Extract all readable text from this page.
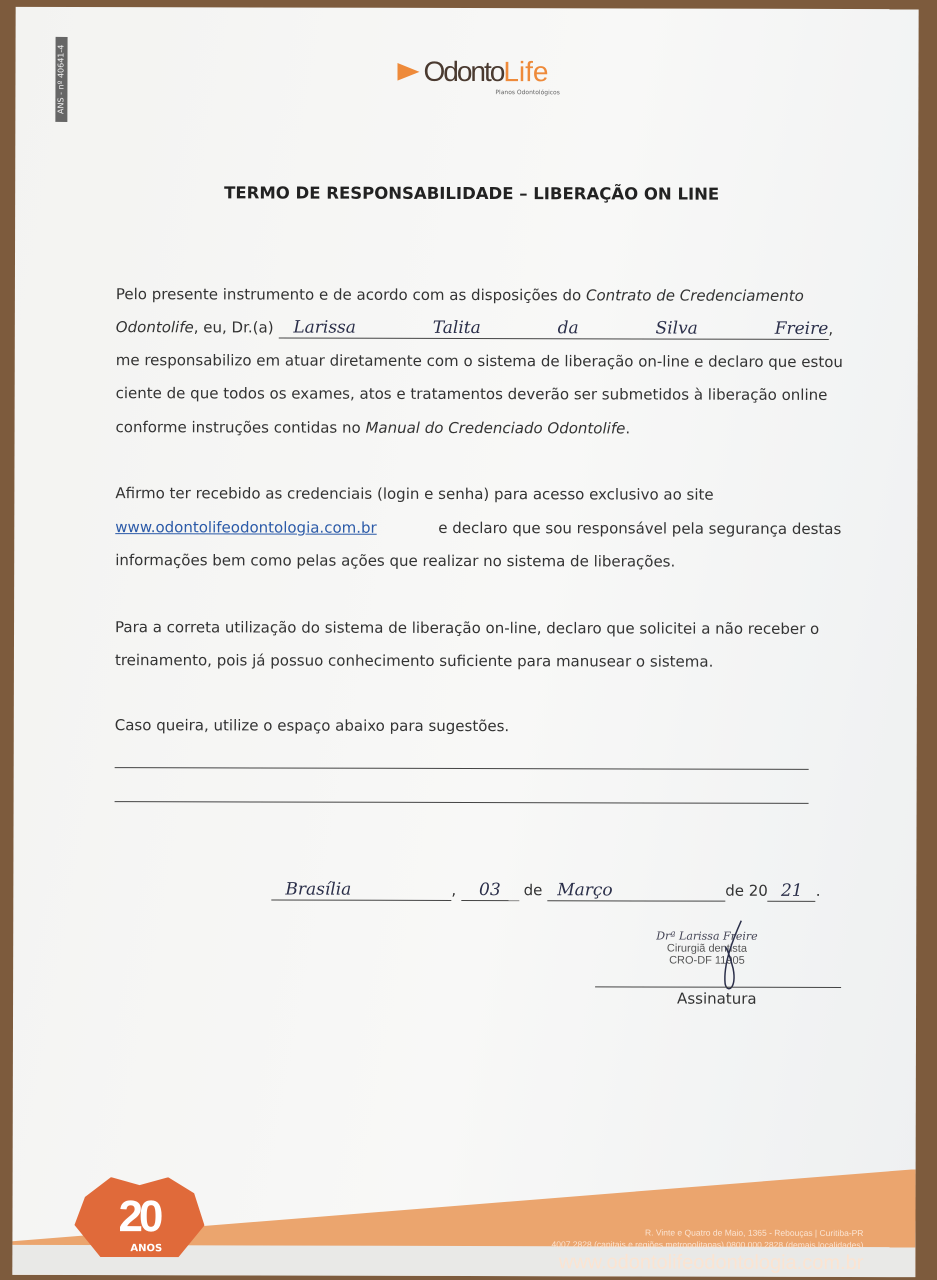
ANS - nº 40641-4	Odonto Life
Planos Odontológicos
TERMO DE RESPONSABILIDADE – LIBERAÇÃO ON LINE
Pelo presente instrumento e de acordo com as disposições do Contrato de Credenciamento
Odontolife, eu, Dr.(a) Larissa Talita da Silva Freire,
me responsabilizo em atuar diretamente com o sistema de liberação on-line e declaro que estou
ciente de que todos os exames, atos e tratamentos deverão ser submetidos à liberação online
conforme instruções contidas no Manual do Credenciado Odontolife.
Afirmo ter recebido as credenciais (login e senha) para acesso exclusivo ao site
www.odontolifeodontologia.com.br	e declaro que sou responsável pela segurança destas
informações bem como pelas ações que realizar no sistema de liberações.
Para a correta utilização do sistema de liberação on-line, declaro que solicitei a não receber o
treinamento, pois já possuo conhecimento suficiente para manusear o sistema.
Caso queira, utilize o espaço abaixo para sugestões.
Brasília	, 03 de Março	de 20 21 .
Drª Larissa Freire
Cirurgiã dentista
CRO-DF 11905
Assinatura
20
ANOS
R. Vinte e Quatro de Maio, 1365 - Rebouças | Curitiba-PR
4007 2828 (capitais e regiões metropolitanas) 0800 000 2828 (demais localidades)
www.odontolifeodontologia.com.br
